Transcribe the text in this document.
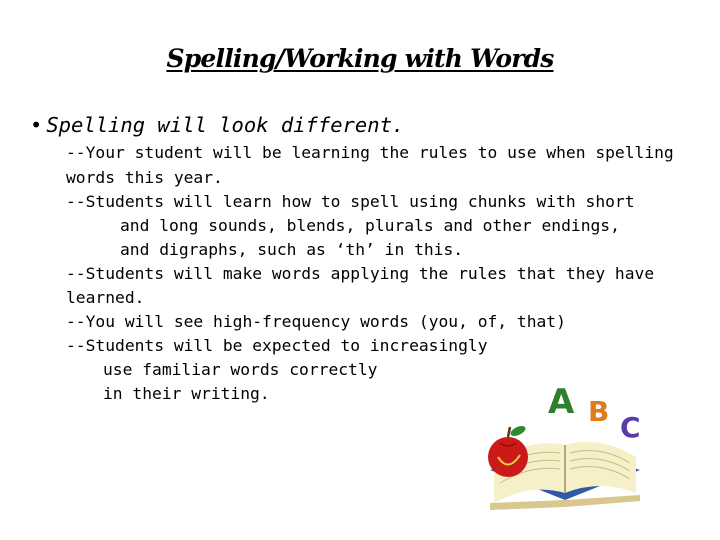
Spelling/Working with Words
• Spelling will look different.
--Your student will be learning the rules to use when spelling
words this year.
--Students will learn how to spell using chunks with short
and long sounds, blends, plurals and other endings,
and digraphs, such as ‘th’ in this.
--Students will make words applying the rules that they have
learned.
--You will see high-frequency words (you, of, that)
--Students will be expected to increasingly
use familiar words correctly
in their writing.	A B C
